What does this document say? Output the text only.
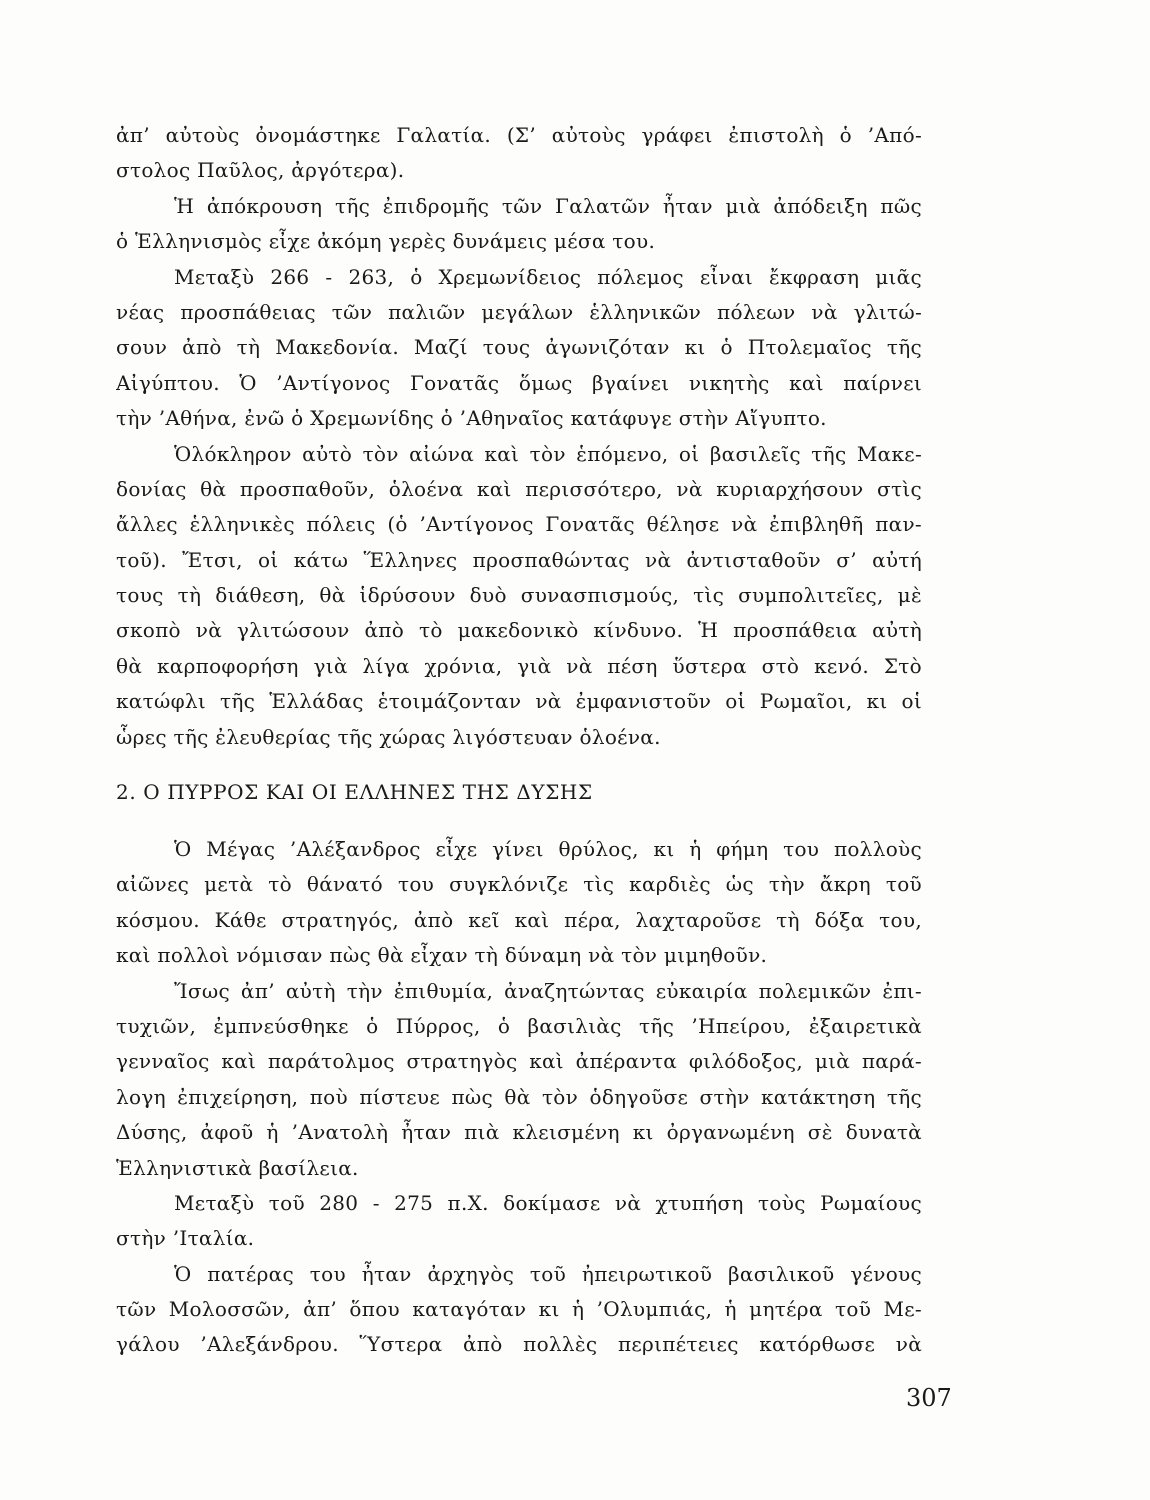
ἀπ’ αὐτοὺς ὀνομάστηκε Γαλατία. (Σ’ αὐτοὺς γράφει ἐπιστολὴ ὁ ’Από-
στολος Παῦλος, ἀργότερα).
Ἡ ἀπόκρουση τῆς ἐπιδρομῆς τῶν Γαλατῶν ἦταν μιὰ ἀπόδειξη πῶς
ὁ Ἑλληνισμὸς εἶχε ἀκόμη γερὲς δυνάμεις μέσα του.
Μεταξὺ 266 - 263, ὁ Χρεμωνίδειος πόλεμος εἶναι ἔκφραση μιᾶς
νέας προσπάθειας τῶν παλιῶν μεγάλων ἑλληνικῶν πόλεων νὰ γλιτώ-
σουν ἀπὸ τὴ Μακεδονία. Μαζί τους ἀγωνιζόταν κι ὁ Πτολεμαῖος τῆς
Αἰγύπτου. Ὁ ’Αντίγονος Γονατᾶς ὅμως βγαίνει νικητὴς καὶ παίρνει
τὴν ’Αθήνα, ἐνῶ ὁ Χρεμωνίδης ὁ ’Αθηναῖος κατάφυγε στὴν Αἴγυπτο.
Ὁλόκληρον αὐτὸ τὸν αἰώνα καὶ τὸν ἑπόμενο, οἱ βασιλεῖς τῆς Μακε-
δονίας θὰ προσπαθοῦν, ὁλοένα καὶ περισσότερο, νὰ κυριαρχήσουν στὶς
ἄλλες ἑλληνικὲς πόλεις (ὁ ’Αντίγονος Γονατᾶς θέλησε νὰ ἐπιβληθῆ παν-
τοῦ). Ἔτσι, οἱ κάτω Ἕλληνες προσπαθώντας νὰ ἀντισταθοῦν σ’ αὐτή
τους τὴ διάθεση, θὰ ἱδρύσουν δυὸ συνασπισμούς, τὶς συμπολιτεῖες, μὲ
σκοπὸ νὰ γλιτώσουν ἀπὸ τὸ μακεδονικὸ κίνδυνο. Ἡ προσπάθεια αὐτὴ
θὰ καρποφορήση γιὰ λίγα χρόνια, γιὰ νὰ πέση ὕστερα στὸ κενό. Στὸ
κατώφλι τῆς Ἑλλάδας ἑτοιμάζονταν νὰ ἐμφανιστοῦν οἱ Ρωμαῖοι, κι οἱ
ὧρες τῆς ἐλευθερίας τῆς χώρας λιγόστευαν ὁλοένα.
2. Ο ΠΥΡΡΟΣ ΚΑΙ ΟΙ ΕΛΛΗΝΕΣ ΤΗΣ ΔΥΣΗΣ
Ὁ Μέγας ’Αλέξανδρος εἶχε γίνει θρύλος, κι ἡ φήμη του πολλοὺς
αἰῶνες μετὰ τὸ θάνατό του συγκλόνιζε τὶς καρδιὲς ὡς τὴν ἄκρη τοῦ
κόσμου. Κάθε στρατηγός, ἀπὸ κεῖ καὶ πέρα, λαχταροῦσε τὴ δόξα του,
καὶ πολλοὶ νόμισαν πὼς θὰ εἶχαν τὴ δύναμη νὰ τὸν μιμηθοῦν.
Ἴσως ἀπ’ αὐτὴ τὴν ἐπιθυμία, ἀναζητώντας εὐκαιρία πολεμικῶν ἐπι-
τυχιῶν, ἐμπνεύσθηκε ὁ Πύρρος, ὁ βασιλιὰς τῆς ’Ηπείρου, ἐξαιρετικὰ
γενναῖος καὶ παράτολμος στρατηγὸς καὶ ἀπέραντα φιλόδοξος, μιὰ παρά-
λογη ἐπιχείρηση, ποὺ πίστευε πὼς θὰ τὸν ὁδηγοῦσε στὴν κατάκτηση τῆς
Δύσης, ἀφοῦ ἡ ’Ανατολὴ ἦταν πιὰ κλεισμένη κι ὀργανωμένη σὲ δυνατὰ
Ἑλληνιστικὰ βασίλεια.
Μεταξὺ τοῦ 280 - 275 π.Χ. δοκίμασε νὰ χτυπήση τοὺς Ρωμαίους
στὴν ’Ιταλία.
Ὁ πατέρας του ἦταν ἀρχηγὸς τοῦ ἠπειρωτικοῦ βασιλικοῦ γένους
τῶν Μολοσσῶν, ἀπ’ ὅπου καταγόταν κι ἡ ’Ολυμπιάς, ἡ μητέρα τοῦ Με-
γάλου ’Αλεξάνδρου. Ὕστερα ἀπὸ πολλὲς περιπέτειες κατόρθωσε νὰ
307
